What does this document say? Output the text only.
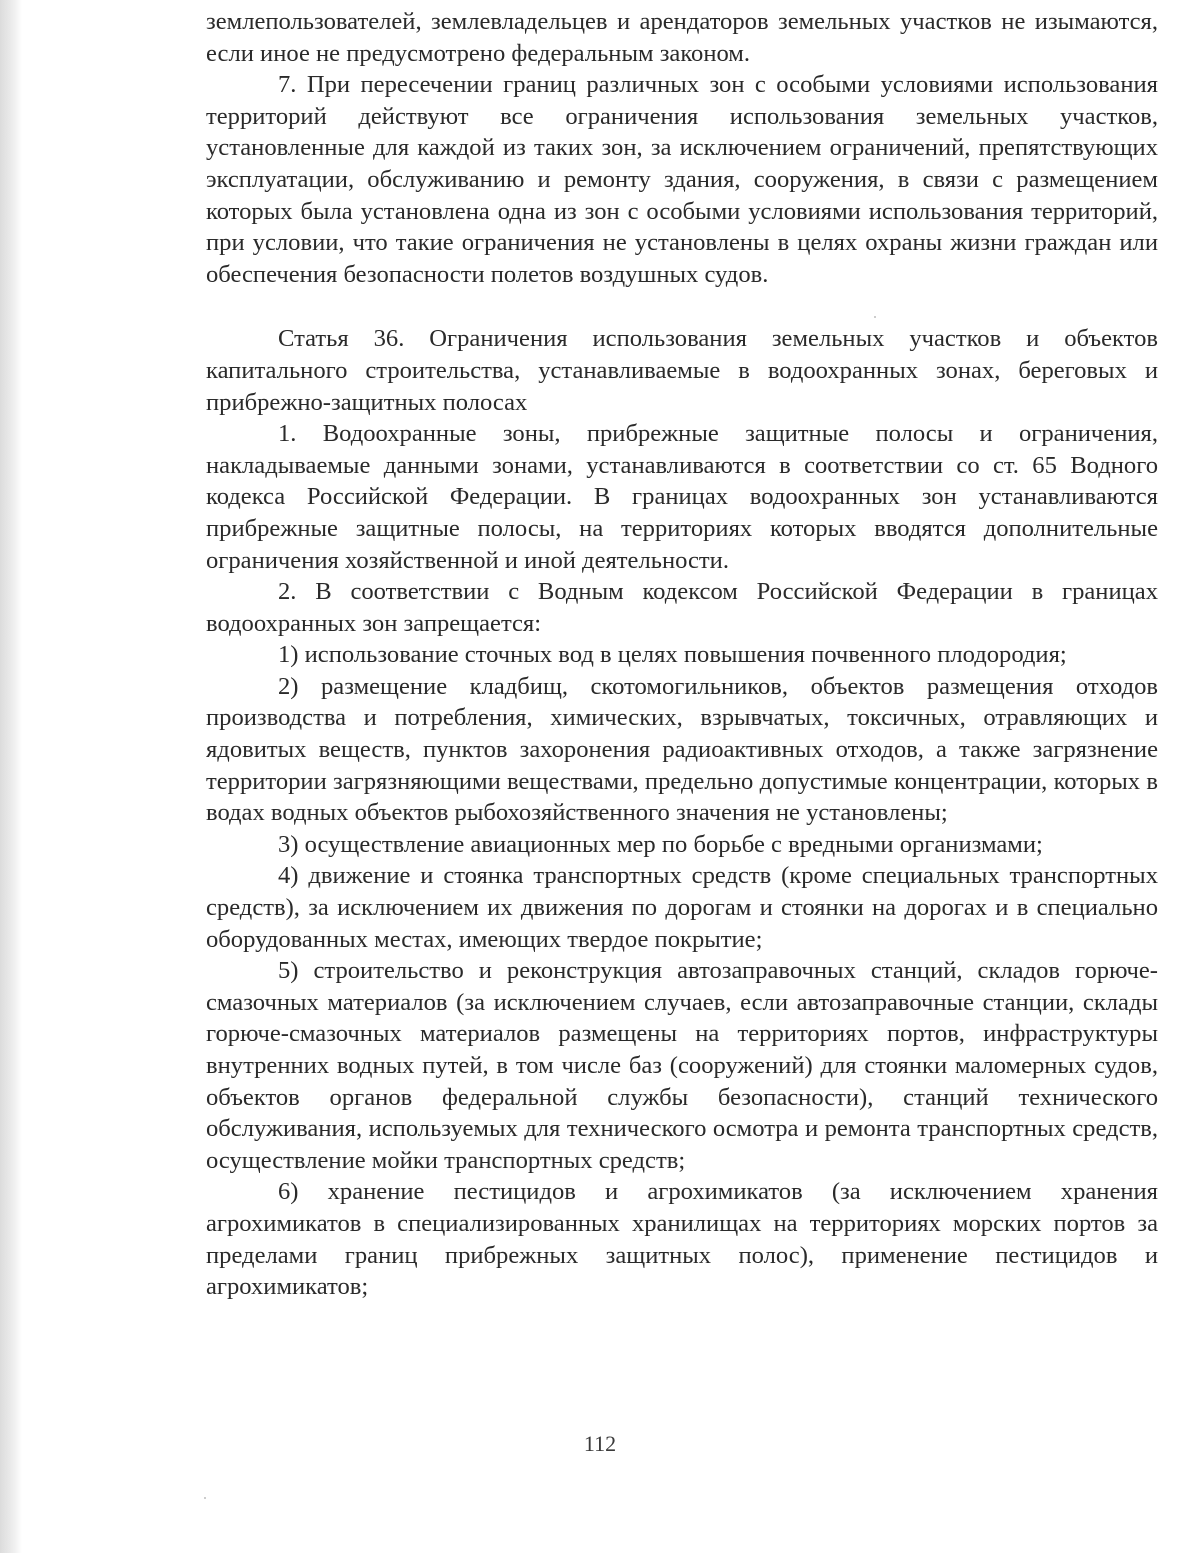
землепользователей, землевладельцев и арендаторов земельных участков не изымаются, если иное не предусмотрено федеральным законом.

7. При пересечении границ различных зон с особыми условиями использования территорий действуют все ограничения использования земельных участков, установленные для каждой из таких зон, за исключением ограничений, препятствующих эксплуатации, обслуживанию и ремонту здания, сооружения, в связи с размещением которых была установлена одна из зон с особыми условиями использования территорий, при условии, что такие ограничения не установлены в целях охраны жизни граждан или обеспечения безопасности полетов воздушных судов.

Статья 36. Ограничения использования земельных участков и объектов капитального строительства, устанавливаемые в водоохранных зонах, береговых и прибрежно-защитных полосах

1. Водоохранные зоны, прибрежные защитные полосы и ограничения, накладываемые данными зонами, устанавливаются в соответствии со ст. 65 Водного кодекса Российской Федерации. В границах водоохранных зон устанавливаются прибрежные защитные полосы, на территориях которых вводятся дополнительные ограничения хозяйственной и иной деятельности.

2. В соответствии с Водным кодексом Российской Федерации в границах водоохранных зон запрещается:

1) использование сточных вод в целях повышения почвенного плодородия;

2) размещение кладбищ, скотомогильников, объектов размещения отходов производства и потребления, химических, взрывчатых, токсичных, отравляющих и ядовитых веществ, пунктов захоронения радиоактивных отходов, а также загрязнение территории загрязняющими веществами, предельно допустимые концентрации, которых в водах водных объектов рыбохозяйственного значения не установлены;

3) осуществление авиационных мер по борьбе с вредными организмами;

4) движение и стоянка транспортных средств (кроме специальных транспортных средств), за исключением их движения по дорогам и стоянки на дорогах и в специально оборудованных местах, имеющих твердое покрытие;

5) строительство и реконструкция автозаправочных станций, складов горюче-смазочных материалов (за исключением случаев, если автозаправочные станции, склады горюче-смазочных материалов размещены на территориях портов, инфраструктуры внутренних водных путей, в том числе баз (сооружений) для стоянки маломерных судов, объектов органов федеральной службы безопасности), станций технического обслуживания, используемых для технического осмотра и ремонта транспортных средств, осуществление мойки транспортных средств;

6) хранение пестицидов и агрохимикатов (за исключением хранения агрохимикатов в специализированных хранилищах на территориях морских портов за пределами границ прибрежных защитных полос), применение пестицидов и агрохимикатов;

112
